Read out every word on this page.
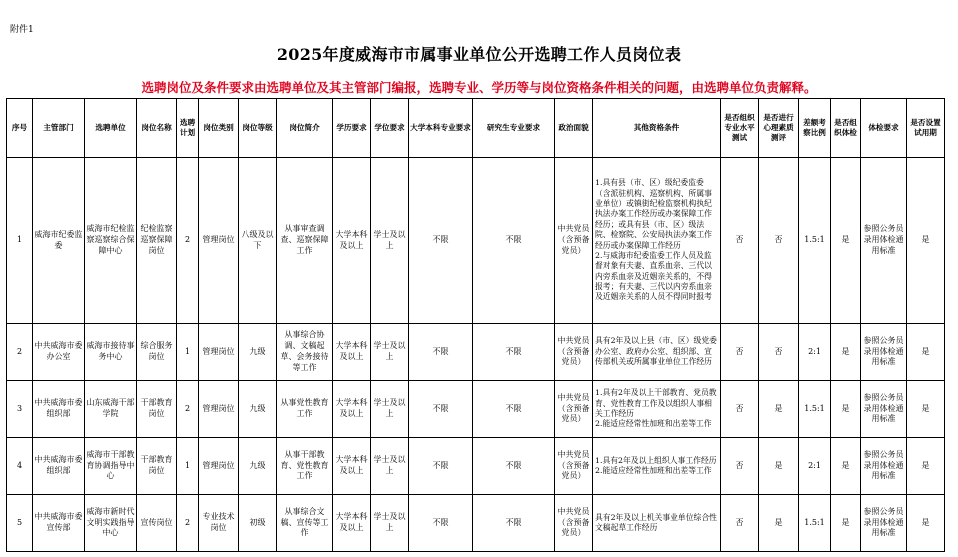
附件1
2025年度威海市市属事业单位公开选聘工作人员岗位表
选聘岗位及条件要求由选聘单位及其主管部门编报，选聘专业、学历等与岗位资格条件相关的问题，由选聘单位负责解释。
序号	主管部门	选聘单位	岗位名称	选聘计划	岗位类别	岗位等级	岗位简介	学历要求	学位要求	大学本科专业要求	研究生专业要求	政治面貌	其他资格条件	是否组织专业水平测试	是否进行心理素质测评	差额考察比例	是否组织体检	体检要求	是否设置试用期
1	威海市纪委监委	威海市纪检监察巡察综合保障中心	纪检监察巡察保障岗位	2	管理岗位	八级及以下	从事审查调查、巡察保障工作	大学本科及以上	学士及以上	不限	不限	中共党员（含预备党员）	1.具有县（市、区）级纪委监委（含派驻机构、巡察机构、所属事业单位）或镇街纪检监察机构执纪执法办案工作经历或办案保障工作经历；或具有县（市、区）级法院、检察院、公安局执法办案工作经历或办案保障工作经历
2.与威海市纪委监委工作人员及监督对象有夫妻、直系血亲、三代以内旁系血亲及近姻亲关系的，不得报考；有夫妻、三代以内旁系血亲及近姻亲关系的人员不得同时报考	否	否	1.5:1	是	参照公务员录用体检通用标准	是
2	中共威海市委办公室	威海市接待事务中心	综合服务岗位	1	管理岗位	九级	从事综合协调、文稿起草、会务接待等工作	大学本科及以上	学士及以上	不限	不限	中共党员（含预备党员）	具有2年及以上县（市、区）级党委办公室、政府办公室、组织部、宣传部机关或所属事业单位工作经历	否	否	2:1	是	参照公务员录用体检通用标准	是
3	中共威海市委组织部	山东威海干部学院	干部教育岗位	2	管理岗位	九级	从事党性教育工作	大学本科及以上	学士及以上	不限	不限	中共党员（含预备党员）	1.具有2年及以上干部教育、党员教育、党性教育工作及以组织人事相关工作经历
2.能适应经常性加班和出差等工作	否	是	1.5:1	是	参照公务员录用体检通用标准	是
4	中共威海市委组织部	威海市干部教育协调指导中心	干部教育岗位	1	管理岗位	九级	从事干部教育、党性教育工作	大学本科及以上	学士及以上	不限	不限	中共党员（含预备党员）	1.具有2年及以上组织人事工作经历
2.能适应经常性加班和出差等工作	否	是	2:1	是	参照公务员录用体检通用标准	是
5	中共威海市委宣传部	威海市新时代文明实践指导中心	宣传岗位	2	专业技术岗位	初级	从事综合文稿、宣传等工作	大学本科及以上	学士及以上	不限	不限	中共党员（含预备党员）	具有2年及以上机关事业单位综合性文稿起草工作经历	否	是	1.5:1	是	参照公务员录用体检通用标准	是
